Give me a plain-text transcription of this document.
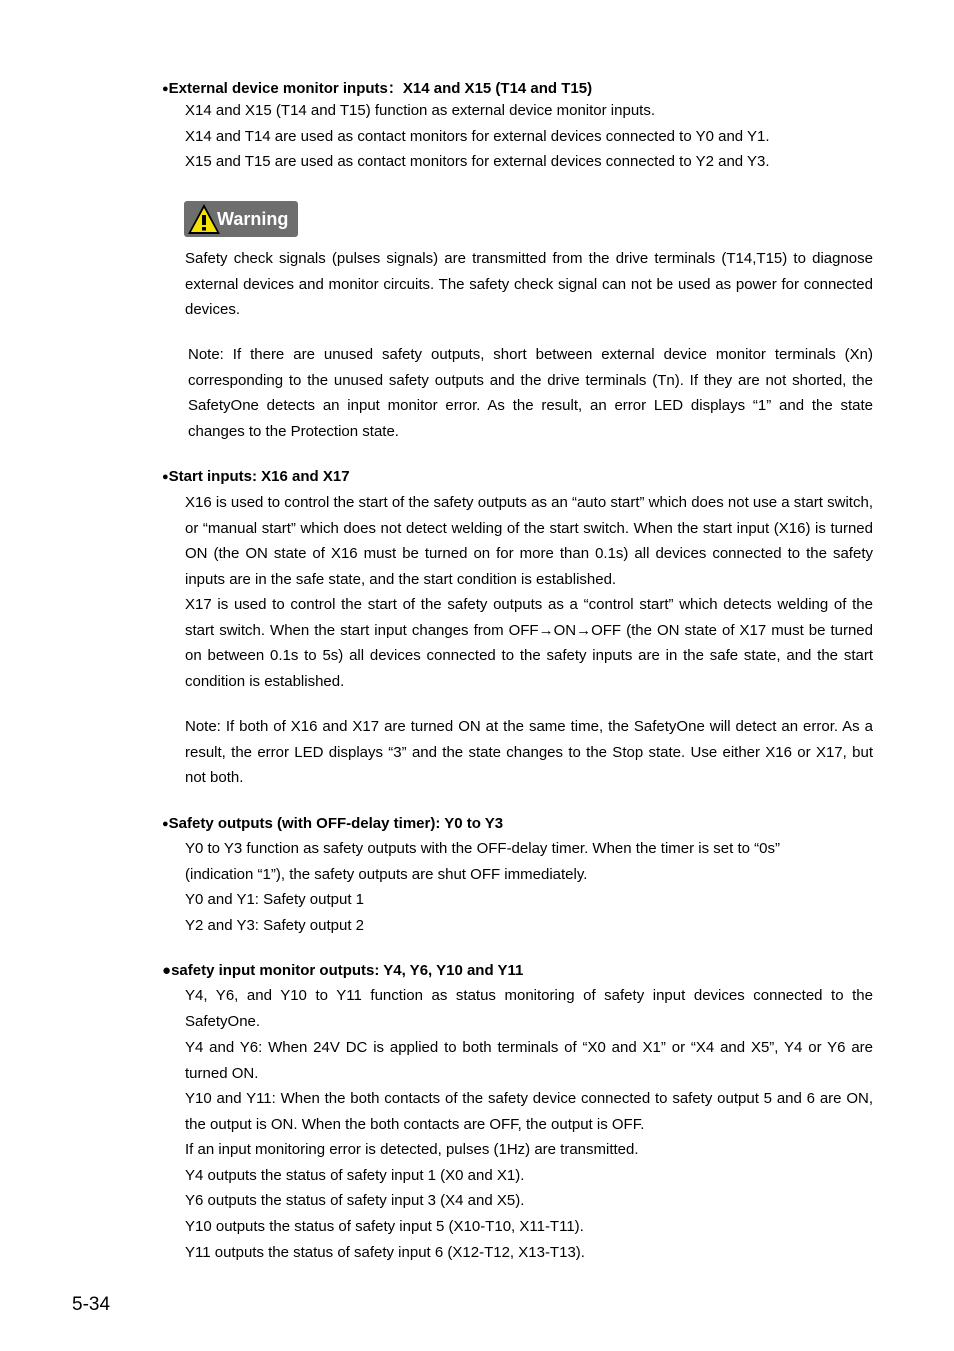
●External device monitor inputs：X14 and X15 (T14 and T15)
X14 and X15 (T14 and T15) function as external device monitor inputs.
X14 and T14 are used as contact monitors for external devices connected to Y0 and Y1.
X15 and T15 are used as contact monitors for external devices connected to Y2 and Y3.
Warning
Safety check signals (pulses signals) are transmitted from the drive terminals (T14,T15) to diagnose external devices and monitor circuits. The safety check signal can not be used as power for connected devices.
Note: If there are unused safety outputs, short between external device monitor terminals (Xn) corresponding to the unused safety outputs and the drive terminals (Tn). If they are not shorted, the SafetyOne detects an input monitor error. As the result, an error LED displays “1” and the state changes to the Protection state.
●Start inputs: X16 and X17
X16 is used to control the start of the safety outputs as an “auto start” which does not use a start switch, or “manual start” which does not detect welding of the start switch. When the start input (X16) is turned ON (the ON state of X16 must be turned on for more than 0.1s) all devices connected to the safety inputs are in the safe state, and the start condition is established.
X17 is used to control the start of the safety outputs as a “control start” which detects welding of the start switch. When the start input changes from OFF→ON→OFF (the ON state of X17 must be turned on between 0.1s to 5s) all devices connected to the safety inputs are in the safe state, and the start condition is established.
Note: If both of X16 and X17 are turned ON at the same time, the SafetyOne will detect an error. As a result, the error LED displays “3” and the state changes to the Stop state. Use either X16 or X17, but not both.
●Safety outputs (with OFF-delay timer): Y0 to Y3
Y0 to Y3 function as safety outputs with the OFF-delay timer. When the timer is set to “0s”
(indication “1”), the safety outputs are shut OFF immediately.
Y0 and Y1: Safety output 1
Y2 and Y3: Safety output 2
●safety input monitor outputs: Y4, Y6, Y10 and Y11
Y4, Y6, and Y10 to Y11 function as status monitoring of safety input devices connected to the SafetyOne.
Y4 and Y6: When 24V DC is applied to both terminals of “X0 and X1” or “X4 and X5”, Y4 or Y6 are turned ON.
Y10 and Y11: When the both contacts of the safety device connected to safety output 5 and 6 are ON, the output is ON. When the both contacts are OFF, the output is OFF.
If an input monitoring error is detected, pulses (1Hz) are transmitted.
Y4 outputs the status of safety input 1 (X0 and X1).
Y6 outputs the status of safety input 3 (X4 and X5).
Y10 outputs the status of safety input 5 (X10-T10, X11-T11).
Y11 outputs the status of safety input 6 (X12-T12, X13-T13).
5-34
